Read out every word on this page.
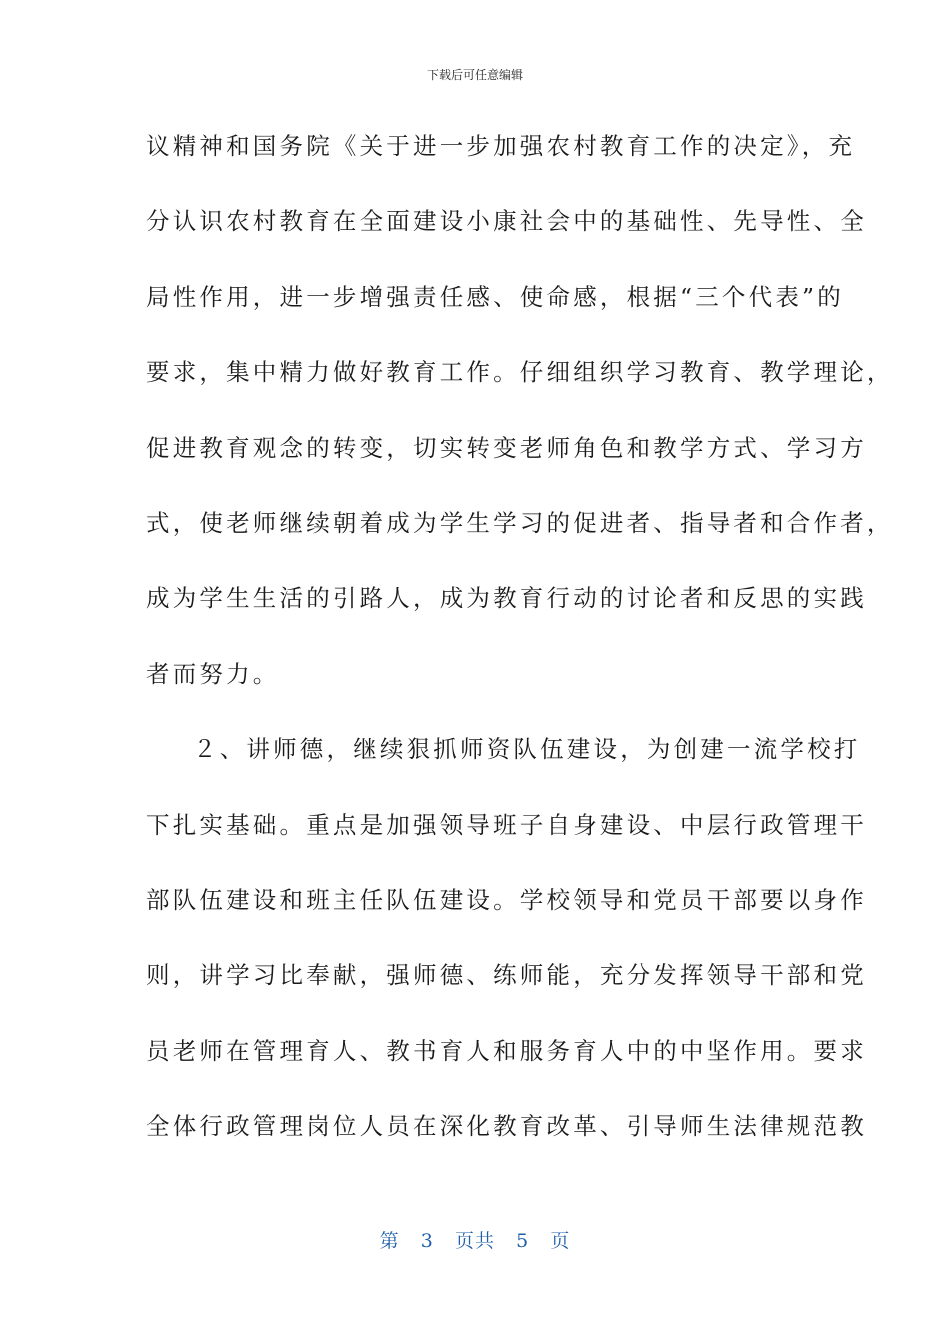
下载后可任意编辑
议精神和国务院《关于进一步加强农村教育工作的决定》，充
分认识农村教育在全面建设小康社会中的基础性、先导性、全
局性作用，进一步增强责任感、使命感，根据“三个代表”的
要求，集中精力做好教育工作。仔细组织学习教育、教学理论，
促进教育观念的转变，切实转变老师角色和教学方式、学习方
式，使老师继续朝着成为学生学习的促进者、指导者和合作者，
成为学生生活的引路人，成为教育行动的讨论者和反思的实践
者而努力。
２、讲师德，继续狠抓师资队伍建设，为创建一流学校打
下扎实基础。重点是加强领导班子自身建设、中层行政管理干
部队伍建设和班主任队伍建设。学校领导和党员干部要以身作
则，讲学习比奉献，强师德、练师能，充分发挥领导干部和党
员老师在管理育人、教书育人和服务育人中的中坚作用。要求
全体行政管理岗位人员在深化教育改革、引导师生法律规范教
第 3 页共 5 页
